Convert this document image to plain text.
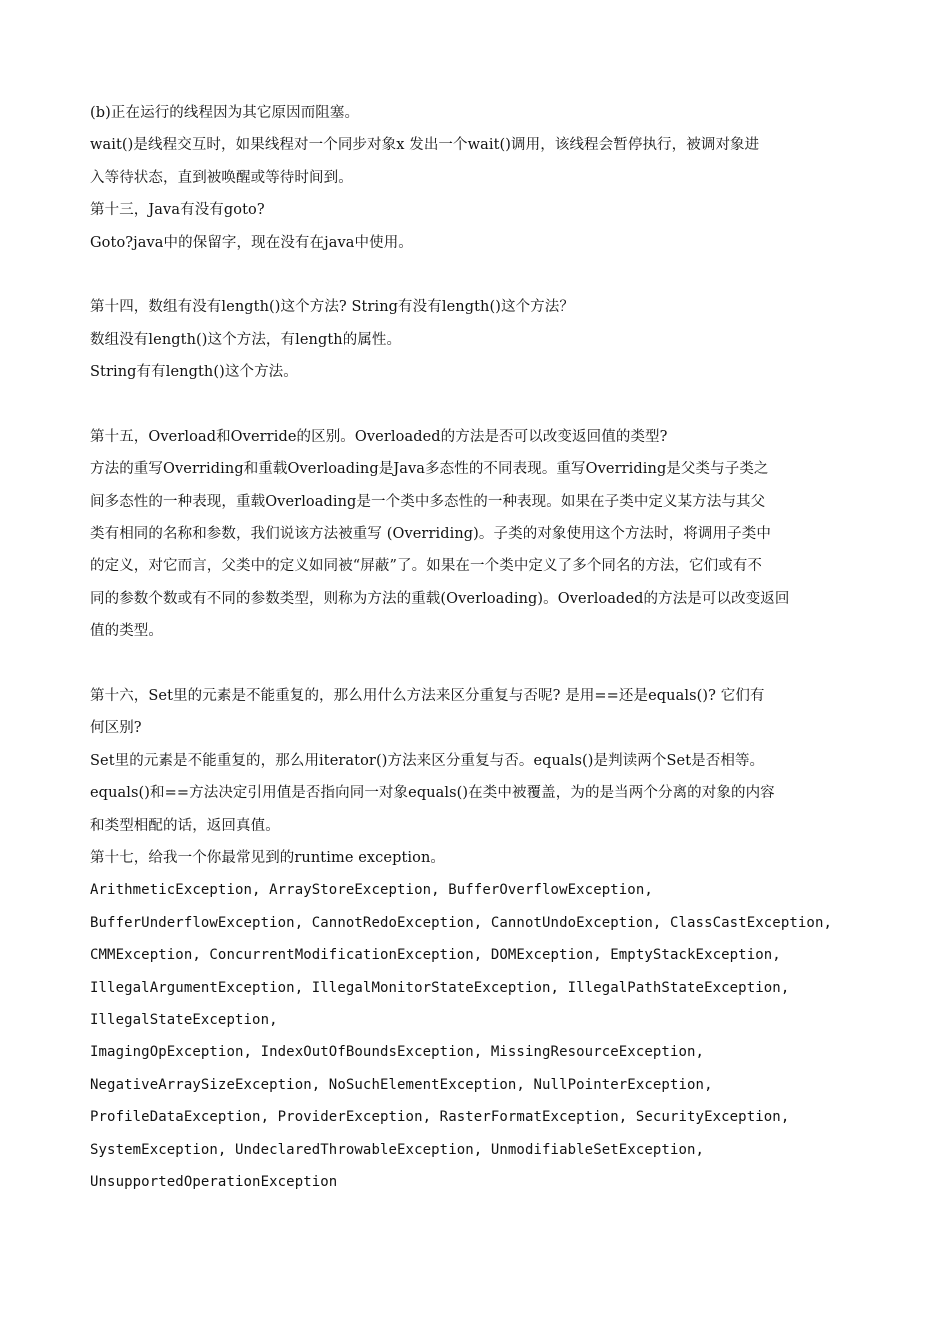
(b)正在运行的线程因为其它原因而阻塞。
wait()是线程交互时，如果线程对一个同步对象x 发出一个wait()调用，该线程会暂停执行，被调对象进
入等待状态，直到被唤醒或等待时间到。
第十三，Java有没有goto?
Goto?java中的保留字，现在没有在java中使用。
第十四，数组有没有length()这个方法? String有没有length()这个方法？
数组没有length()这个方法，有length的属性。
String有有length()这个方法。
第十五，Overload和Override的区别。Overloaded的方法是否可以改变返回值的类型?
方法的重写Overriding和重载Overloading是Java多态性的不同表现。重写Overriding是父类与子类之
间多态性的一种表现，重载Overloading是一个类中多态性的一种表现。如果在子类中定义某方法与其父
类有相同的名称和参数，我们说该方法被重写 (Overriding)。子类的对象使用这个方法时，将调用子类中
的定义，对它而言，父类中的定义如同被“屏蔽”了。如果在一个类中定义了多个同名的方法，它们或有不
同的参数个数或有不同的参数类型，则称为方法的重载(Overloading)。Overloaded的方法是可以改变返回
值的类型。
第十六，Set里的元素是不能重复的，那么用什么方法来区分重复与否呢? 是用==还是equals()? 它们有
何区别?
Set里的元素是不能重复的，那么用iterator()方法来区分重复与否。equals()是判读两个Set是否相等。
equals()和==方法决定引用值是否指向同一对象equals()在类中被覆盖，为的是当两个分离的对象的内容
和类型相配的话，返回真值。
第十七，给我一个你最常见到的runtime exception。
ArithmeticException, ArrayStoreException, BufferOverflowException,
BufferUnderflowException, CannotRedoException, CannotUndoException, ClassCastException,
CMMException, ConcurrentModificationException, DOMException, EmptyStackException,
IllegalArgumentException, IllegalMonitorStateException, IllegalPathStateException,
IllegalStateException,
ImagingOpException, IndexOutOfBoundsException, MissingResourceException,
NegativeArraySizeException, NoSuchElementException, NullPointerException,
ProfileDataException, ProviderException, RasterFormatException, SecurityException,
SystemException, UndeclaredThrowableException, UnmodifiableSetException,
UnsupportedOperationException
